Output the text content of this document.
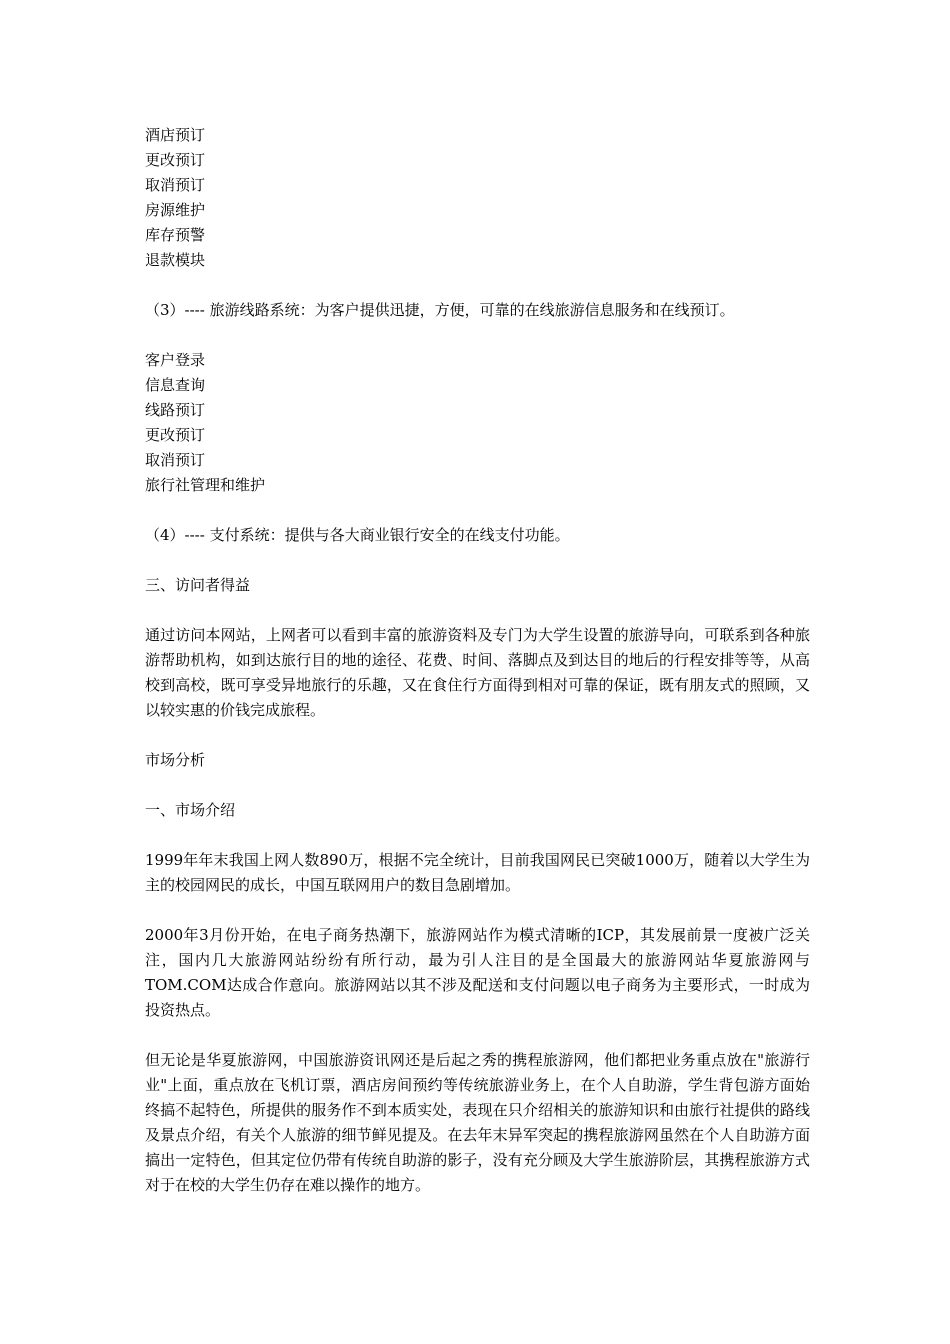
酒店预订
更改预订
取消预订
房源维护
库存预警
退款模块
（3）---- 旅游线路系统：为客户提供迅捷，方便，可靠的在线旅游信息服务和在线预订。
客户登录
信息查询
线路预订
更改预订
取消预订
旅行社管理和维护
（4）---- 支付系统：提供与各大商业银行安全的在线支付功能。
三、访问者得益

通过访问本网站，上网者可以看到丰富的旅游资料及专门为大学生设置的旅游导向，可联系到各种旅游帮助机构，如到达旅行目的地的途径、花费、时间、落脚点及到达目的地后的行程安排等等，从高校到高校，既可享受异地旅行的乐趣，又在食住行方面得到相对可靠的保证，既有朋友式的照顾，又以较实惠的价钱完成旅程。

市场分析
一、市场介绍

1999年年末我国上网人数890万，根据不完全统计，目前我国网民已突破1000万，随着以大学生为主的校园网民的成长，中国互联网用户的数目急剧增加。

2000年3月份开始，在电子商务热潮下，旅游网站作为模式清晰的ICP，其发展前景一度被广泛关注，国内几大旅游网站纷纷有所行动，最为引人注目的是全国最大的旅游网站华夏旅游网与TOM.COM达成合作意向。旅游网站以其不涉及配送和支付问题以电子商务为主要形式，一时成为投资热点。

但无论是华夏旅游网，中国旅游资讯网还是后起之秀的携程旅游网，他们都把业务重点放在"旅游行业"上面，重点放在飞机订票，酒店房间预约等传统旅游业务上，在个人自助游，学生背包游方面始终搞不起特色，所提供的服务作不到本质实处，表现在只介绍相关的旅游知识和由旅行社提供的路线及景点介绍，有关个人旅游的细节鲜见提及。在去年末异军突起的携程旅游网虽然在个人自助游方面搞出一定特色，但其定位仍带有传统自助游的影子，没有充分顾及大学生旅游阶层，其携程旅游方式对于在校的大学生仍存在难以操作的地方。
